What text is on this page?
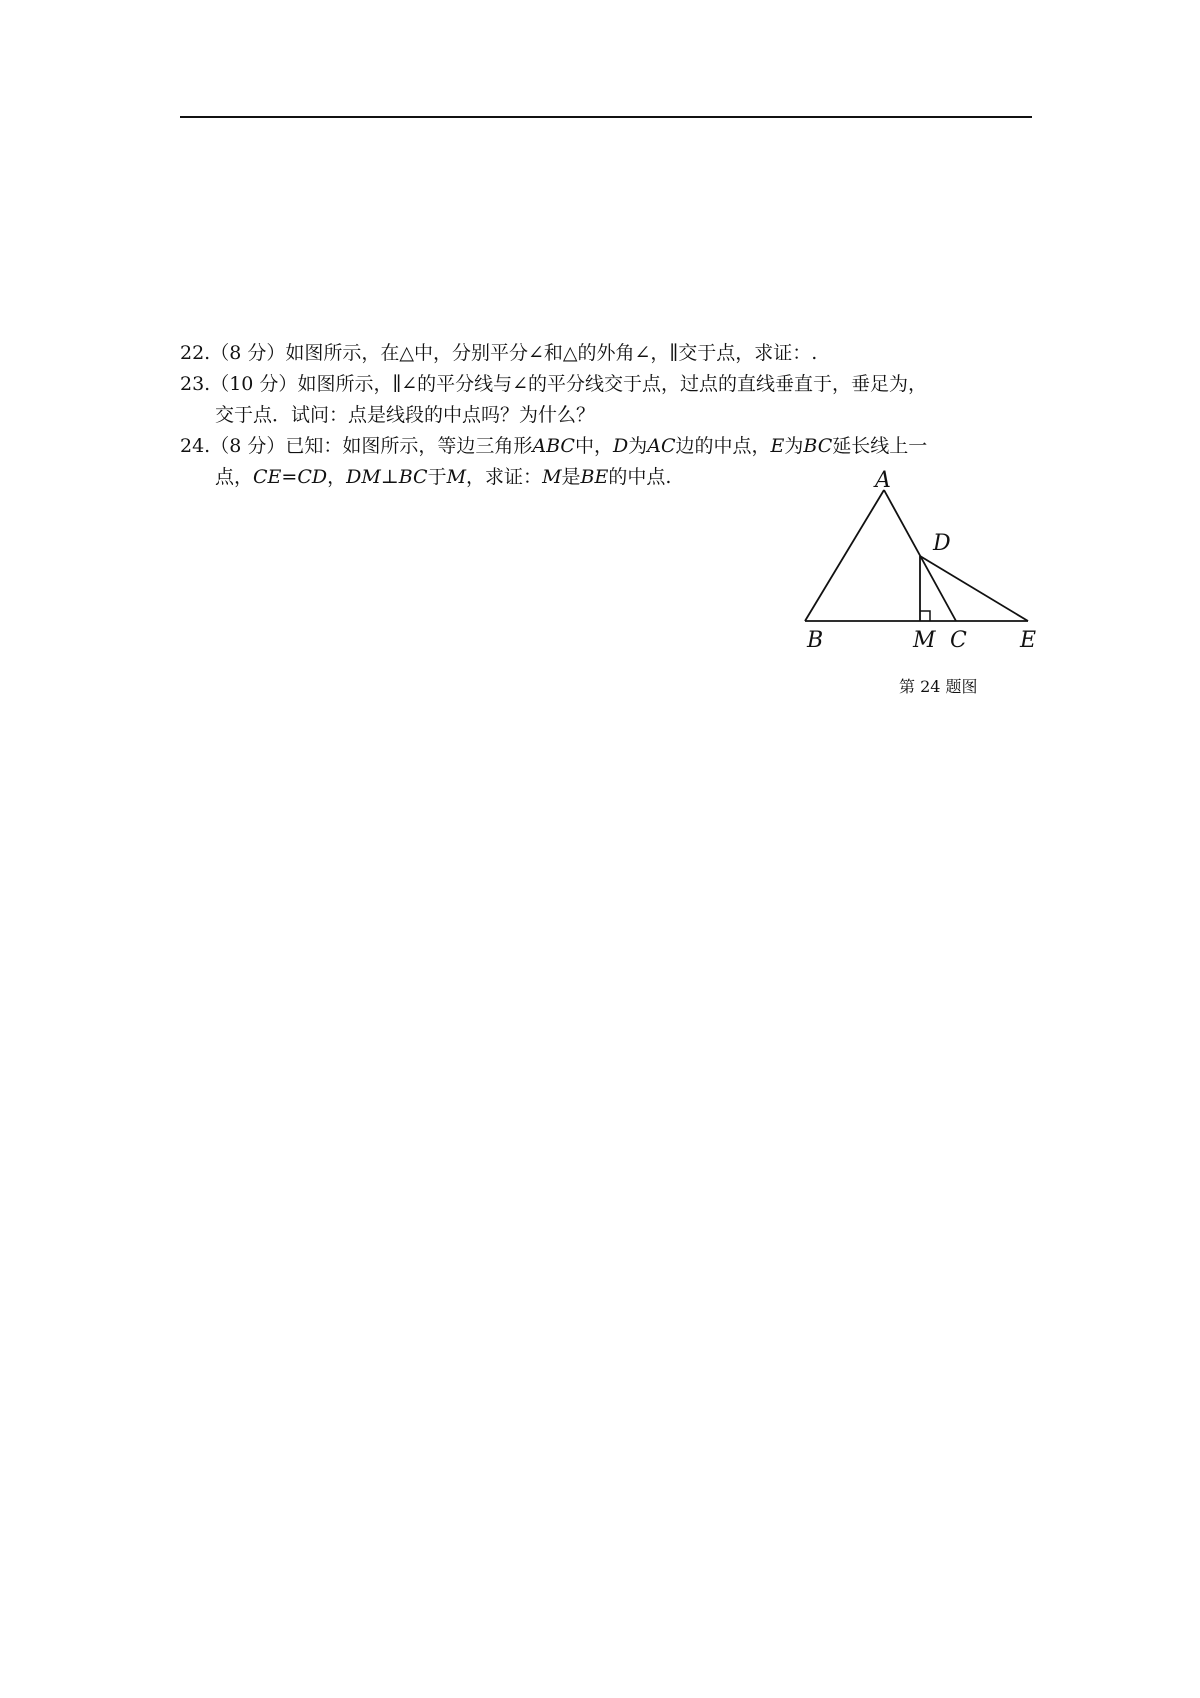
22.（8 分）如图所示，在△中，分别平分∠和△的外角∠，∥交于点，求证：.
23.（10 分）如图所示，∥∠的平分线与∠的平分线交于点，过点的直线垂直于，垂足为，
交于点．试问：点是线段的中点吗？为什么？
24.（8 分）已知：如图所示，等边三角形ABC中，D为AC边的中点，E为BC延长线上一
点，CE=CD，DM⊥BC于M，求证：M是BE的中点.	A
D
B	M C E
第 24 题图
